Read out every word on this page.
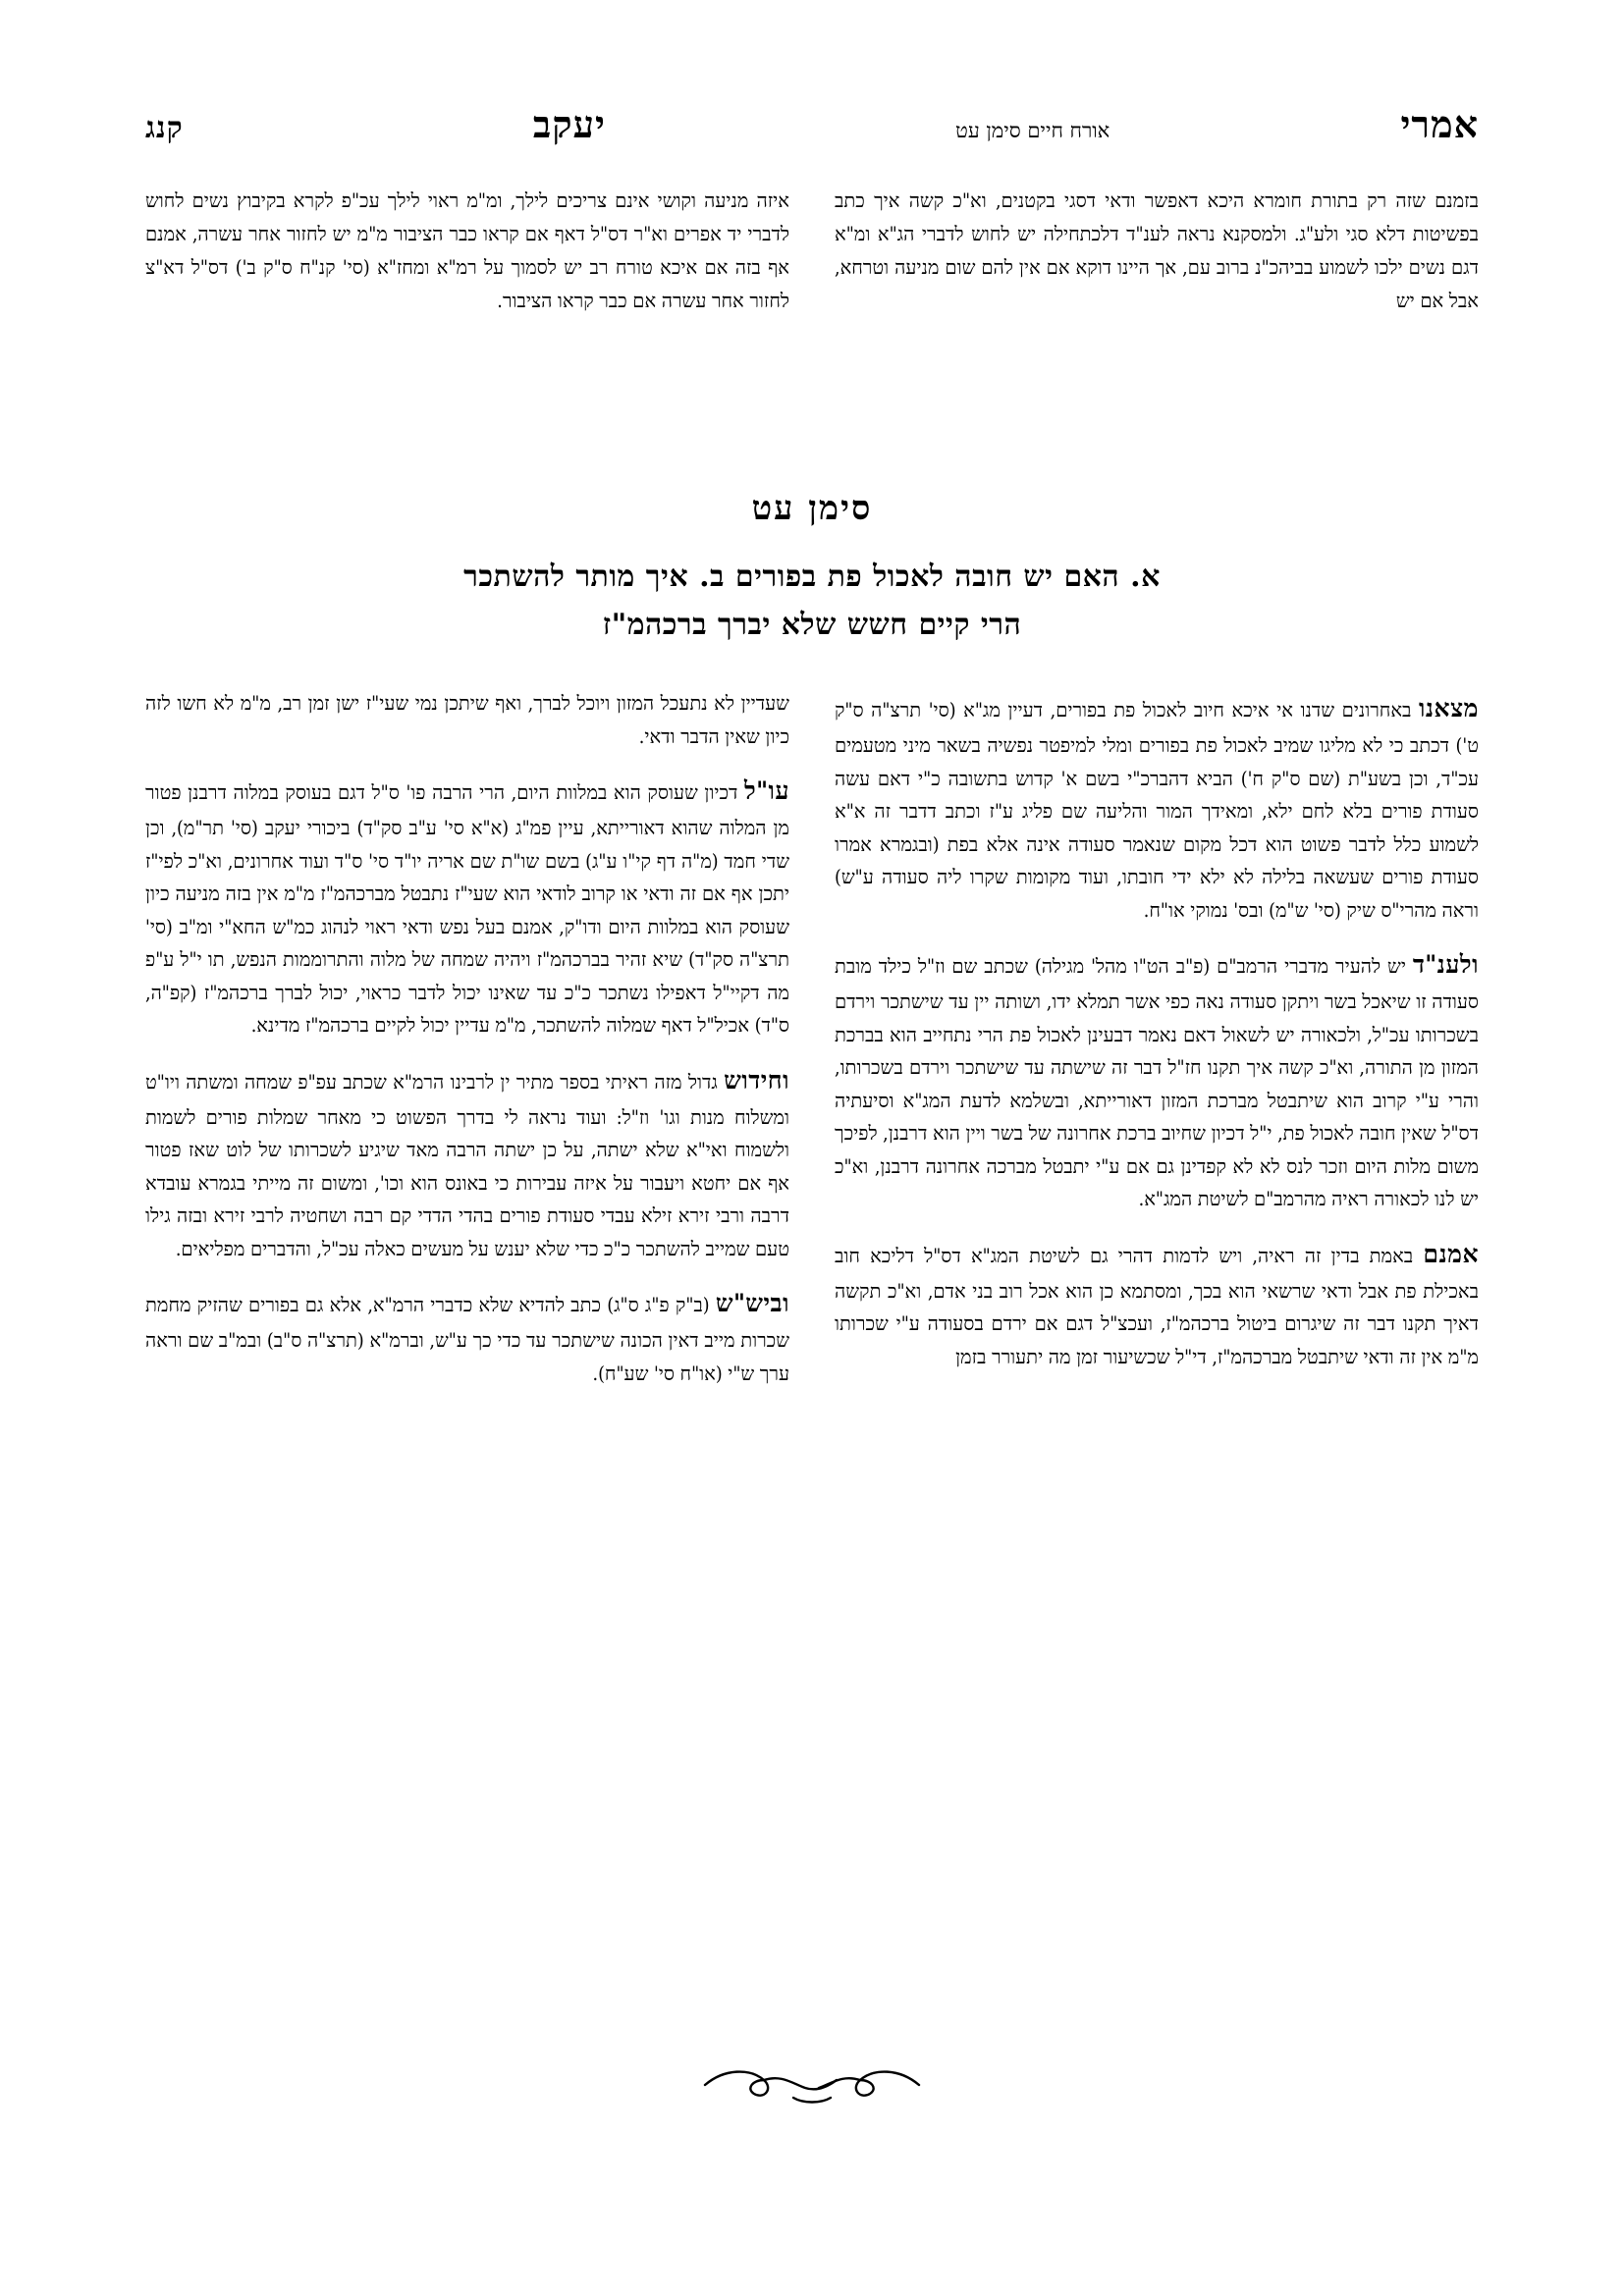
אמרי
אורח חיים סימן עט
יעקב
קנג

בזמנם שזה רק בתורת חומרא היכא דאפשר ודאי דסגי בקטנים, וא"כ קשה איך כתב בפשיטות דלא סגי ולע"ג. ולמסקנא נראה לענ"ד דלכתחילה יש לחוש לדברי הג"א ומ"א דגם נשים ילכו לשמוע בביהכ"נ ברוב עם, אך היינו דוקא אם אין להם שום מניעה וטרחא, אבל אם יש

איזה מניעה וקושי אינם צריכים לילך, ומ"מ ראוי לילך עכ"פ לקרא בקיבוץ נשים לחוש לדברי יד אפרים וא"ר דס"ל דאף אם קראו כבר הציבור מ"מ יש לחזור אחר עשרה, אמנם אף בזה אם איכא טורח רב יש לסמוך על רמ"א ומחז"א (סי' קנ"ח ס"ק ב') דס"ל דא"צ לחזור אחר עשרה אם כבר קראו הציבור.

סימן עט
א. האם יש חובה לאכול פת בפורים ב. איך מותר להשתכר
הרי קיים חשש שלא יברך ברכהמ"ז

מצאנו באחרונים שדנו אי איכא חיוב לאכול פת בפורים, דעיין מג"א (סי' תרצ"ה ס"ק ט') דכתב כי לא מליגו שמיב לאכול פת בפורים ומלי למיפטר נפשיה בשאר מיני מטעמים עכ"ד, וכן בשע"ת (שם ס"ק ח') הביא דהברכ"י בשם א' קדוש בתשובה כ"י דאם עשה סעודת פורים בלא לחם ילא, ומאידך המור והליעה שם פליג ע"ז וכתב דדבר זה א"א לשמוע כלל לדבר פשוט הוא דכל מקום שנאמר סעודה אינה אלא בפת (ובגמרא אמרו סעודת פורים שעשאה בלילה לא ילא ידי חובתו, ועוד מקומות שקרו ליה סעודה ע"ש) וראה מהרי"ס שיק (סי' ש"מ) ובס' נמוקי או"ח.

ולענ"ד יש להעיר מדברי הרמב"ם (פ"ב הט"ו מהל' מגילה) שכתב שם וז"ל כילד מובת סעודה זו שיאכל בשר ויתקן סעודה נאה כפי אשר תמלא ידו, ושותה יין עד שישתכר וירדם בשכרותו עכ"ל, ולכאורה יש לשאול דאם נאמר דבעינן לאכול פת הרי נתחייב הוא בברכת המזון מן התורה, וא"כ קשה איך תקנו חז"ל דבר זה שישתה עד שישתכר וירדם בשכרותו, והרי ע"י קרוב הוא שיתבטל מברכת המזון דאורייתא, ובשלמא לדעת המג"א וסיעתיה דס"ל שאין חובה לאכול פת, י"ל דכיון שחיוב ברכת אחרונה של בשר ויין הוא דרבנן, לפיכך משום מלות היום וזכר לנס לא לא קפדינן גם אם ע"י יתבטל מברכה אחרונה דרבנן, וא"כ יש לנו לכאורה ראיה מהרמב"ם לשיטת המג"א.

אמנם באמת בדין זה ראיה, ויש לדמות דהרי גם לשיטת המג"א דס"ל דליכא חוב באכילת פת אבל ודאי שרשאי הוא בכך, ומסתמא כן הוא אכל רוב בני אדם, וא"כ תקשה דאיך תקנו דבר זה שיגרום ביטול ברכהמ"ז, ועכצ"ל דגם אם ירדם בסעודה ע"י שכרותו מ"מ אין זה ודאי שיתבטל מברכהמ"ז, די"ל שכשיעור זמן מה יתעורר בזמן

שעדיין לא נתעכל המזון ויוכל לברך, ואף שיתכן נמי שעי"ז ישן זמן רב, מ"מ לא חשו לזה כיון שאין הדבר ודאי.

עו"ל דכיון שעוסק הוא במלוות היום, הרי הרבה פו' ס"ל דגם בעוסק במלוה דרבנן פטור מן המלוה שהוא דאורייתא, עיין פמ"ג (א"א סי' ע"ב סק"ד) ביכורי יעקב (סי' תר"מ), וכן שדי חמד (מ"ה דף קי"ו ע"ג) בשם שו"ת שם אריה יו"ד סי' ס"ד ועוד אחרונים, וא"כ לפי"ז יתכן אף אם זה ודאי או קרוב לודאי הוא שעי"ז נתבטל מברכהמ"ז מ"מ אין בזה מניעה כיון שעוסק הוא במלוות היום ודו"ק, אמנם בעל נפש ודאי ראוי לנהוג כמ"ש החא"י ומ"ב (סי' תרצ"ה סק"ד) שיא זהיר בברכהמ"ז ויהיה שמחה של מלוה והתרוממות הנפש, תו י"ל ע"פ מה דקיי"ל דאפילו נשתכר כ"כ עד שאינו יכול לדבר כראוי, יכול לברך ברכהמ"ז (קפ"ה, ס"ד) אכיל"ל דאף שמלוה להשתכר, מ"מ עדיין יכול לקיים ברכהמ"ז מדינא.

וחידוש גדול מזה ראיתי בספר מתיר ין לרבינו הרמ"א שכתב עפ"פ שמחה ומשתה ויו"ט ומשלוח מנות וגו' וז"ל: ועוד נראה לי בדרך הפשוט כי מאחר שמלות פורים לשמות ולשמוח ואי"א שלא ישתה, על כן ישתה הרבה מאד שיגיע לשכרותו של לוט שאז פטור אף אם יחטא ויעבור על איזה עבירות כי באונס הוא וכו', ומשום זה מייתי בגמרא עובדא דרבה ורבי זירא זילא עבדי סעודת פורים בהדי הדדי קם רבה ושחטיה לרבי זירא ובזה גילו טעם שמייב להשתכר כ"כ כדי שלא יענש על מעשים כאלה עכ"ל, והדברים מפליאים.

וביש"ש (ב"ק פ"ג ס"ג) כתב להדיא שלא כדברי הרמ"א, אלא גם בפורים שהזיק מחמת שכרות מייב דאין הכונה שישתכר עד כדי כך ע"ש, וברמ"א (תרצ"ה ס"ב) ובמ"ב שם וראה ערך ש"י (או"ח סי' שע"ח).
